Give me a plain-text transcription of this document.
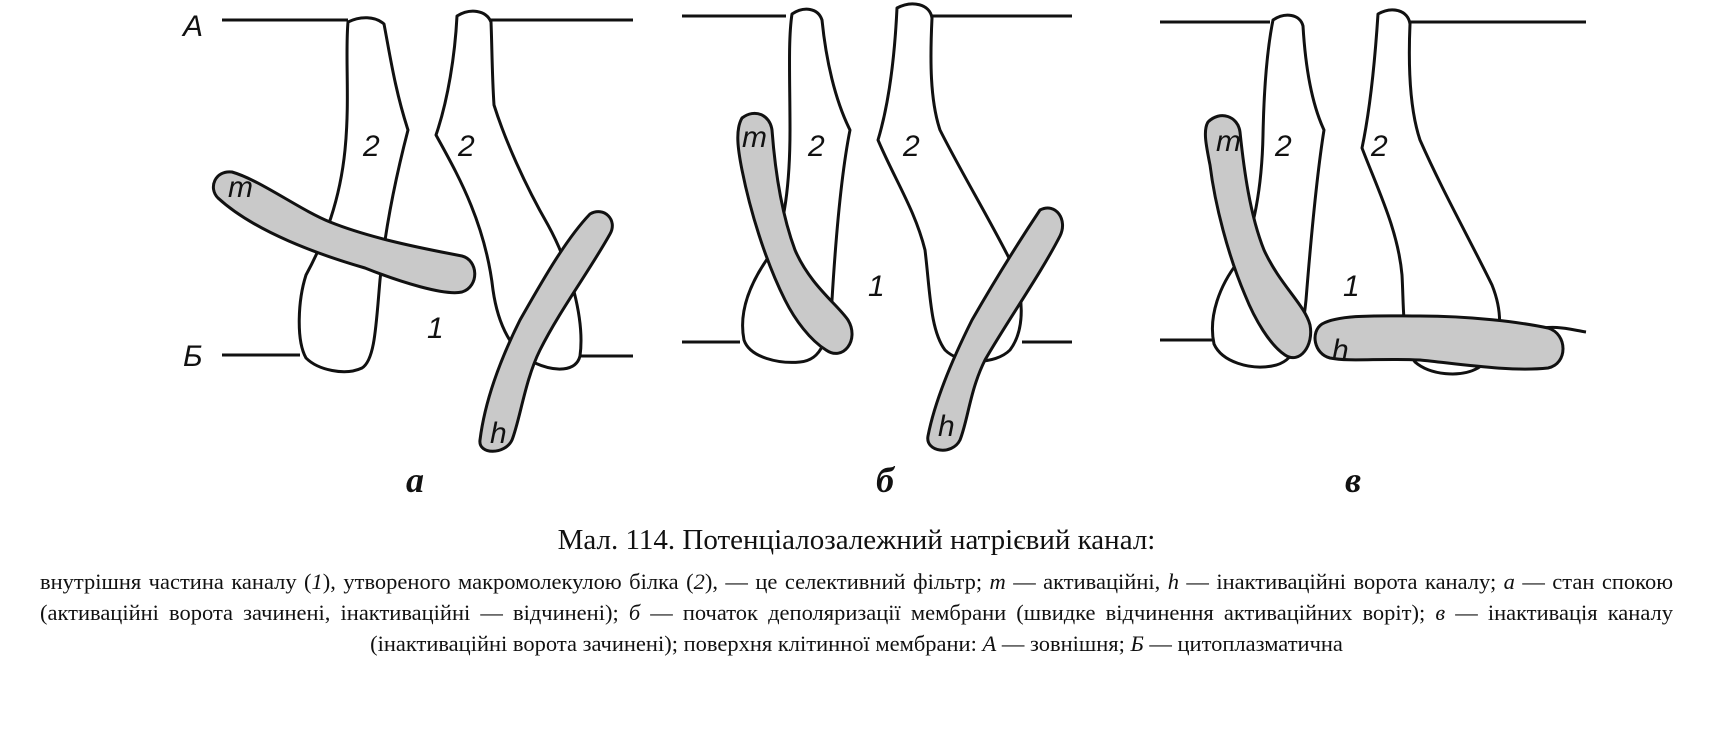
А
Б
m
h
2	2
1
а
m
h
2	2
1
б
m
h
2	2
1
в
Мал. 114. Потенціалозалежний натрієвий канал:
внутрішня частина каналу (1), утвореного макромолекулою білка (2), — це селективний фільтр; m — активаційні, h — інактиваційні ворота каналу; а — стан спокою (активаційні ворота зачинені, інактиваційні — відчинені); б — початок деполяризації мембрани (швидке відчинення активаційних воріт); в — інактивація каналу (інактиваційні ворота зачинені); поверхня клітинної мембрани: А — зовнішня; Б — цитоплазматична
